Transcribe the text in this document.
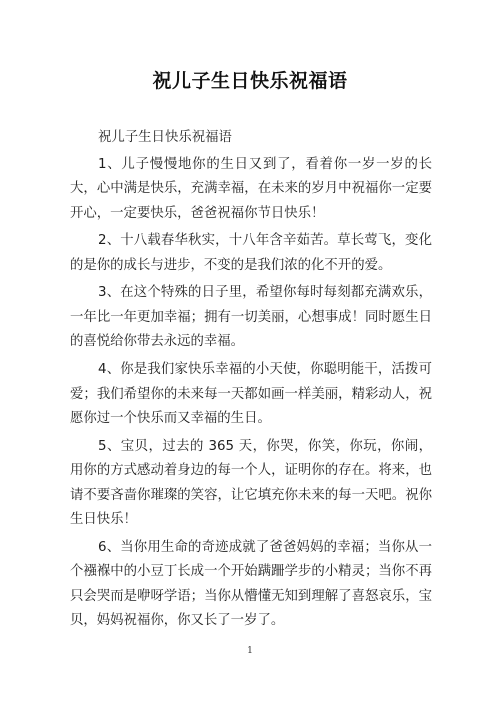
祝儿子生日快乐祝福语

祝儿子生日快乐祝福语

1、儿子慢慢地你的生日又到了，看着你一岁一岁的长大，心中满是快乐，充满幸福，在未来的岁月中祝福你一定要开心，一定要快乐，爸爸祝福你节日快乐！

2、十八载春华秋实，十八年含辛茹苦。草长莺飞，变化的是你的成长与进步，不变的是我们浓的化不开的爱。

3、在这个特殊的日子里，希望你每时每刻都充满欢乐，一年比一年更加幸福；拥有一切美丽，心想事成！同时愿生日的喜悦给你带去永远的幸福。

4、你是我们家快乐幸福的小天使，你聪明能干，活拨可爱；我们希望你的未来每一天都如画一样美丽，精彩动人，祝愿你过一个快乐而又幸福的生日。

5、宝贝，过去的 365 天，你哭，你笑，你玩，你闹，用你的方式感动着身边的每一个人，证明你的存在。将来，也请不要吝啬你璀璨的笑容，让它填充你未来的每一天吧。祝你生日快乐！

6、当你用生命的奇迹成就了爸爸妈妈的幸福；当你从一个襁褓中的小豆丁长成一个开始蹒跚学步的小精灵；当你不再只会哭而是咿呀学语；当你从懵懂无知到理解了喜怒哀乐，宝贝，妈妈祝福你，你又长了一岁了。

1
